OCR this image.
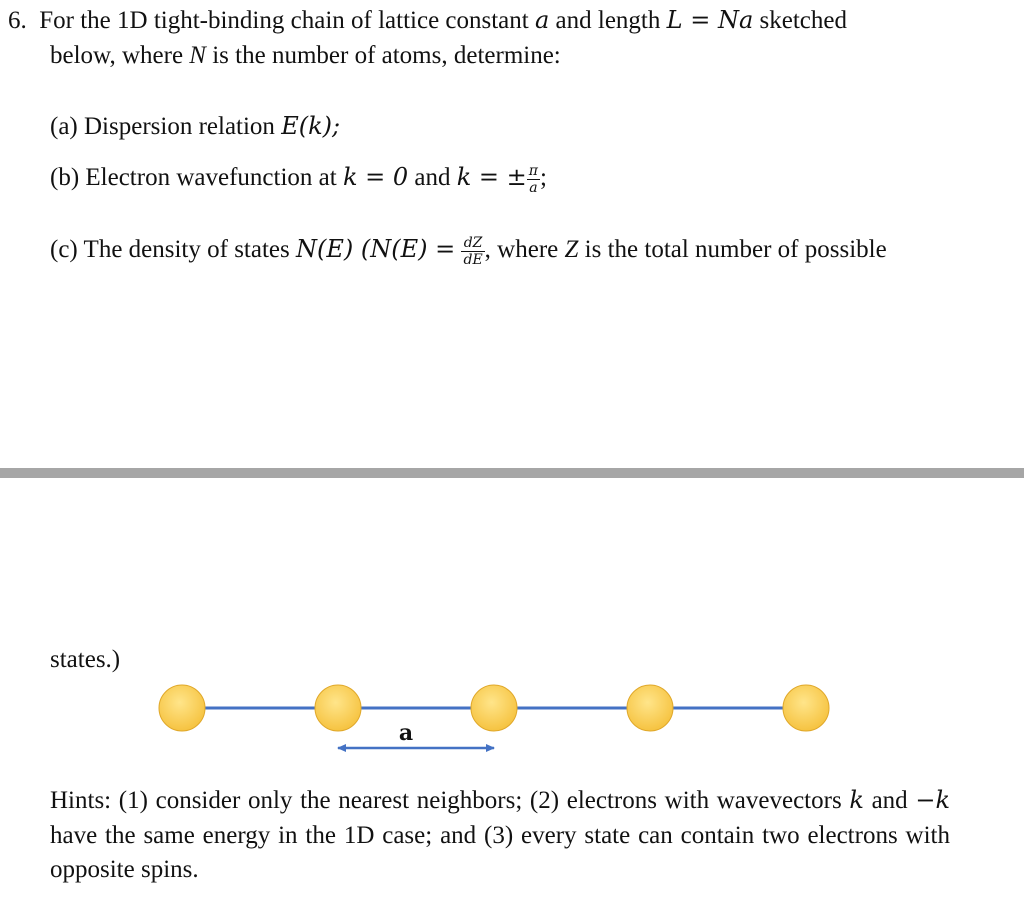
6. For the 1D tight-binding chain of lattice constant a and length L = Na sketched
below, where N is the number of atoms, determine:
(a) Dispersion relation E(k);
(b) Electron wavefunction at k = 0 and k = ± $\frac{\pi}{a}$ ;
(c) The density of states N(E) ($N(E) = \frac{dZ}{dE}$ , where Z is the total number of possible
states.)
a
Hints: (1) consider only the nearest neighbors; (2) electrons with wavevectors k and −k have the same energy in the 1D case; and (3) every state can contain two electrons with opposite spins.
